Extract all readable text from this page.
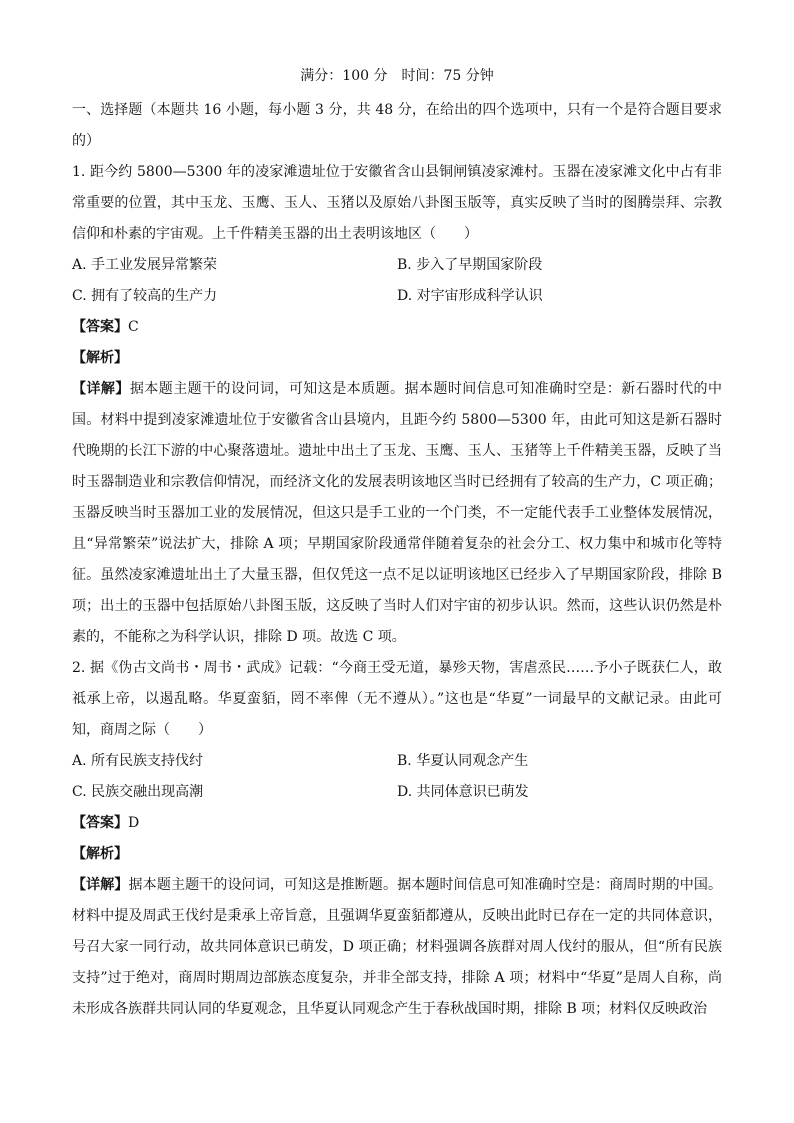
满分：100 分　时间：75 分钟

一、选择题（本题共 16 小题，每小题 3 分，共 48 分，在给出的四个选项中，只有一个是符合题目要求的）

1. 距今约 5800—5300 年的凌家滩遗址位于安徽省含山县铜闸镇凌家滩村。玉器在凌家滩文化中占有非常重要的位置，其中玉龙、玉鹰、玉人、玉猪以及原始八卦图玉版等，真实反映了当时的图腾崇拜、宗教信仰和朴素的宇宙观。上千件精美玉器的出土表明该地区（　　）

A. 手工业发展异常繁荣	B. 步入了早期国家阶段
C. 拥有了较高的生产力	D. 对宇宙形成科学认识

【答案】C

【解析】

【详解】据本题主题干的设问词，可知这是本质题。据本题时间信息可知准确时空是：新石器时代的中国。材料中提到凌家滩遗址位于安徽省含山县境内，且距今约 5800—5300 年，由此可知这是新石器时代晚期的长江下游的中心聚落遗址。遗址中出土了玉龙、玉鹰、玉人、玉猪等上千件精美玉器，反映了当时玉器制造业和宗教信仰情况，而经济文化的发展表明该地区当时已经拥有了较高的生产力，C 项正确；玉器反映当时玉器加工业的发展情况，但这只是手工业的一个门类，不一定能代表手工业整体发展情况，且“异常繁荣”说法扩大，排除 A 项；早期国家阶段通常伴随着复杂的社会分工、权力集中和城市化等特征。虽然凌家滩遗址出土了大量玉器，但仅凭这一点不足以证明该地区已经步入了早期国家阶段，排除 B 项；出土的玉器中包括原始八卦图玉版，这反映了当时人们对宇宙的初步认识。然而，这些认识仍然是朴素的，不能称之为科学认识，排除 D 项。故选 C 项。

2. 据《伪古文尚书・周书・武成》记载：“今商王受无道，暴殄天物，害虐烝民……予小子既获仁人，敢祗承上帝，以遏乱略。华夏蛮貊，罔不率俾（无不遵从）。”这也是“华夏”一词最早的文献记录。由此可知，商周之际（　　）

A. 所有民族支持伐纣	B. 华夏认同观念产生
C. 民族交融出现高潮	D. 共同体意识已萌发

【答案】D

【解析】

【详解】据本题主题干的设问词，可知这是推断题。据本题时间信息可知准确时空是：商周时期的中国。材料中提及周武王伐纣是秉承上帝旨意，且强调华夏蛮貊都遵从，反映出此时已存在一定的共同体意识，号召大家一同行动，故共同体意识已萌发，D 项正确；材料强调各族群对周人伐纣的服从，但“所有民族支持”过于绝对，商周时期周边部族态度复杂，并非全部支持，排除 A 项；材料中“华夏”是周人自称，尚未形成各族群共同认同的华夏观念，且华夏认同观念产生于春秋战国时期，排除 B 项；材料仅反映政治
